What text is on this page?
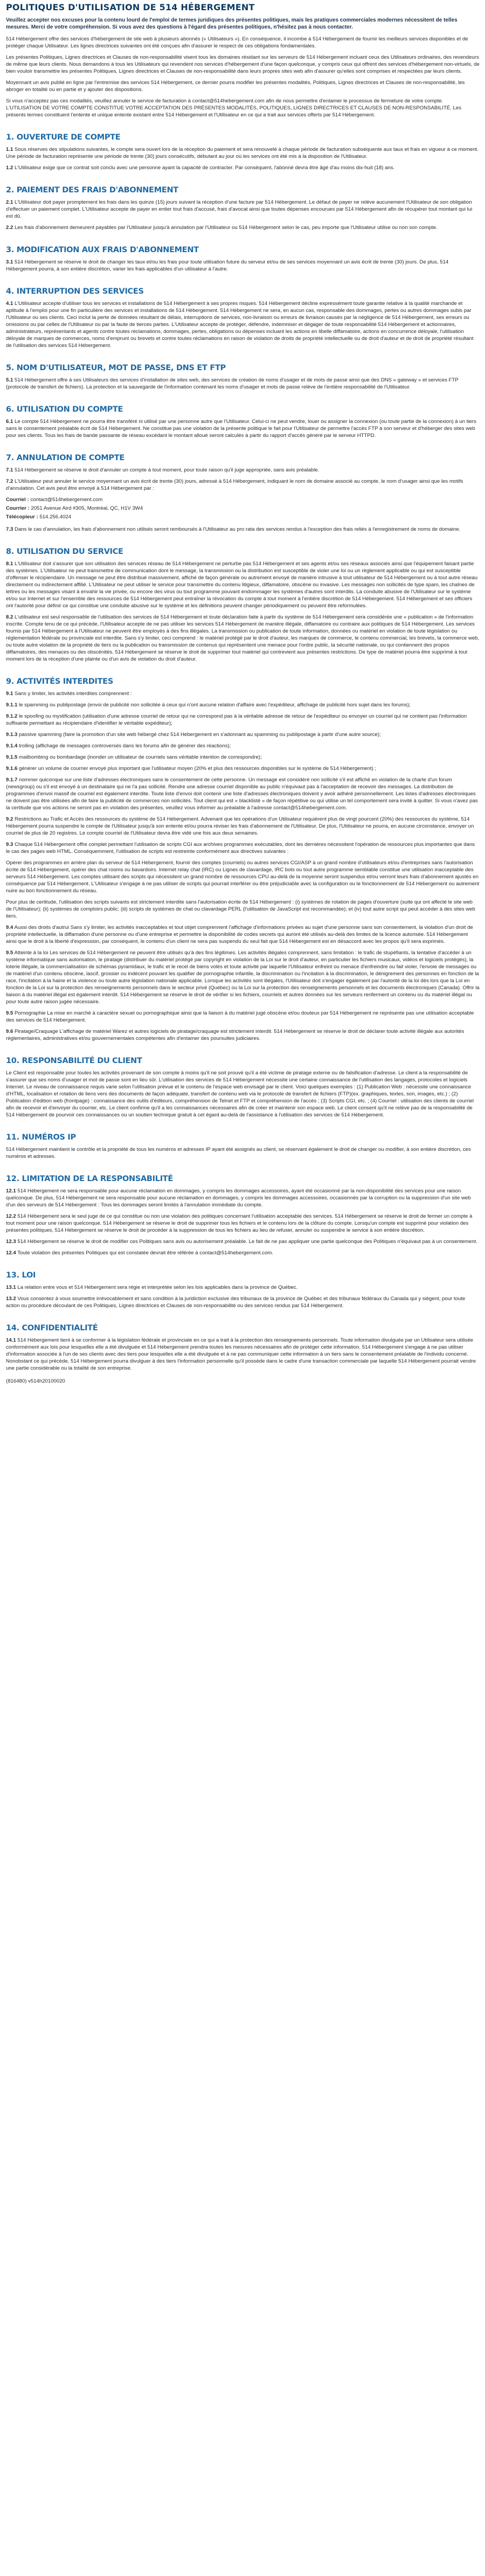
POLITIQUES D'UTILISATION DE 514 HÉBERGEMENT

Veuillez accepter nos excuses pour la contenu lourd de l'emploi de termes juridiques des présentes politiques, mais les pratiques commerciales modernes nécessitent de telles mesures. Merci de votre compréhension. Si vous avez des questions à l'égard des présentes politiques, n'hésitez pas à nous contacter.

514 Hébergement offre des services d'hébergement de site web à plusieurs abonnés (« Utilisateurs »). En conséquence, il incombe à 514 Hébergement de fournir les meilleurs services disponibles et de protéger chaque Utilisateur. Les lignes directrices suivantes ont été conçues afin d'assurer le respect de ces obligations fondamentales.

Les présentes Politiques, Lignes directrices et Clauses de non-responsabilité visent tous les domaines résidant sur les serveurs de 514 Hébergement incluant ceux des Utilisateurs ordinaires, des revendeurs de même que leurs clients. Nous demandons à tous les Utilisateurs qui revendent nos services d'hébergement d'une façon quelconque, y compris ceux qui offrent des services d'hébergement non-virtuels, de bien vouloir transmettre les présentes Politiques, Lignes directrices et Clauses de non-responsabilité dans leurs propres sites web afin d'assurer qu'elles sont comprises et respectées par leurs clients.

Moyennant un avis publié en ligne par l'entremise des services 514 Hébergement, ce dernier pourra modifier les présentes modalités, Politiques, Lignes directrices et Clauses de non-responsabilité, les abroger en totalité ou en partie et y ajouter des dispositions.

Si vous n'acceptez pas ces modalités, veuillez annuler le service de facturation à contact@514hebergement.com afin de nous permettre d'entamer le processus de fermeture de votre compte. L'UTILISATION DE VOTRE COMPTE CONSTITUE VOTRE ACCEPTATION DES PRÉSENTES MODALITÉS, POLITIQUES, LIGNES DIRECTRICES ET CLAUSES DE NON-RESPONSABILITÉ. Les présents termes constituent l'entente et unique entente existant entre 514 Hébergement et l'Utilisateur en ce qui a trait aux services offerts par 514 Hébergement.

1. OUVERTURE DE COMPTE

1.1 Sous réserves des stipulations suivantes, le compte sera ouvert lors de la réception du paiement et sera renouvelé à chaque période de facturation subséquente aux taux et frais en vigueur à ce moment. Une période de facturation représente une période de trente (30) jours consécutifs, débutant au jour où les services ont été mis à la disposition de l'Utilisateur.

1.2 L'Utilisateur exige que ce contrat soit conclu avec une personne ayant la capacité de contracter. Par conséquent, l'abonné devra être âgé d'au moins dix-huit (18) ans.

2. PAIEMENT DES FRAIS D'ABONNEMENT

2.1 L'Utilisateur doit payer promptement les frais dans les quinze (15) jours suivant la réception d'une facture par 514 Hébergement. Le défaut de payer ne relève aucunement l'Utilisateur de son obligation d'effectuer un paiement complet. L'Utilisateur accepte de payer en entier tout frais d'accusé, frais d'avocat ainsi que toutes dépenses encourues par 514 Hébergement afin de récupérer tout montant qui lui est dû.

2.2 Les frais d'abonnement demeurent payables par l'Utilisateur jusqu'à annulation par l'Utilisateur ou 514 Hébergement selon le cas, peu importe que l'Utilisateur utilise ou non son compte.

3. MODIFICATION AUX FRAIS D'ABONNEMENT

3.1 514 Hébergement se réserve le droit de changer les taux et/ou les frais pour toute utilisation future du serveur et/ou de ses services moyennant un avis écrit de trente (30) jours. De plus, 514 Hébergement pourra, à son entière discrétion, varier les frais applicables d'un utilisateur à l'autre.

4. INTERRUPTION DES SERVICES

4.1 L'Utilisateur accepte d'utiliser tous les services et installations de 514 Hébergement à ses propres risques. 514 Hébergement décline expressément toute garantie relative à la qualité marchande et aptitude à l'emploi pour une fin particulière des services et installations de 514 Hébergement. 514 Hébergement ne sera, en aucun cas, responsable des dommages, pertes ou autres dommages subis par l'Utilisateur ou ses clients. Ceci inclut la perte de données résultant de délais, interruptions de services, non-livraison ou erreurs de livraison causés par la négligence de 514 Hébergement, ses erreurs ou omissions ou par celles de l'Utilisateur ou par la faute de tierces parties. L'Utilisateur accepte de protéger, défendre, indemniser et dégager de toute responsabilité 514 Hébergement et actionnaires, administrateurs, représentants et agents contre toutes réclamations, dommages, pertes, obligations ou dépenses incluant les actions en libelle diffamatoire, actions en concurrence déloyale, l'utilisation déloyale de marques de commerces, noms d'emprunt ou brevets et contre toutes réclamations en raison de violation de droits de propriété intellectuelle ou de droit d'auteur et de droit de propriété résultant de l'utilisation des services 514 Hébergement.

5. NOM D'UTILISATEUR, MOT DE PASSE, DNS ET FTP

5.1 514 Hébergement offre à ses Utilisateurs des services d'installation de sites web, des services de création de noms d'usager et de mots de passe ainsi que des DNS « gateway » et services FTP (protocole de transfert de fichiers). La protection et la sauvegarde de l'information contenant les noms d'usager et mots de passe relève de l'entière responsabilité de l'Utilisateur.

6. UTILISATION DU COMPTE

6.1 Le compte 514 Hébergement ne pourra être transféré ni utilisé par une personne autre que l'Utilisateur. Celui-ci ne peut vendre, louer ou assigner la connexion (ou toute partie de la connexion) à un tiers sans le consentement préalable écrit de 514 Hébergement. Ne constitue pas une violation de la présente politique le fait pour l'Utilisateur de permettre l'accès FTP à son serveur et d'héberger des sites web pour ses clients. Tous les frais de bande passante de réseau excédant le montant alloué seront calculés à partir du rapport d'accès généré par le serveur HTTPD.

7. ANNULATION DE COMPTE

7.1 514 Hébergement se réserve le droit d'annuler un compte à tout moment, pour toute raison qu'il juge appropriée, sans avis préalable.

7.2 L'Utilisateur peut annuler le service moyennant un avis écrit de trente (30) jours, adressé à 514 Hébergement, indiquant le nom de domaine associé au compte, le nom d'usager ainsi que les motifs d'annulation. Cet avis peut être envoyé à 514 Hébergement par :

Courriel : contact@514hebergement.com

Courrier : 2051 Avenue Aird #305, Montréal, QC, H1V 3W4

Télécopieur : 514.256.4024

7.3 Dans le cas d'annulation, les frais d'abonnement non utilisés seront remboursés à l'Utilisateur au pro rata des services rendus à l'exception des frais reliés à l'enregistrement de noms de domaine.

8. UTILISATION DU SERVICE

8.1 L'Utilisateur doit s'assurer que son utilisation des services réseau de 514 Hébergement ne perturbe pas 514 Hébergement et ses agents et/ou ses réseaux associés ainsi que l'équipement faisant partie des systèmes. L'Utilisateur ne peut transmettre de communication dont le message, la transmission ou la distribution est susceptible de violer une loi ou un règlement applicable ou qui est susceptible d'offenser le récipiendaire. Un message ne peut être distribué massivement, affiché de façon générale ou autrement envoyé de manière intrusive à tout utilisateur de 514 Hébergement ou à tout autre réseau directement ou indirectement affilié. L'Utilisateur ne peut utiliser le service pour transmettre du contenu litigieux, diffamatoire, obscène ou invasive. Les messages non sollicités de type spam, les chaînes de lettres ou les messages visant à envahir la vie privée, ou encore des virus ou tout programme pouvant endommager les systèmes d'autres sont interdits. La conduite abusive de l'Utilisateur sur le système et/ou sur Internet et sur l'ensemble des ressources de 514 Hébergement peut entraîner la révocation du compte à tout moment à l'entière discrétion de 514 Hébergement. 514 Hébergement et ses officiers ont l'autorité pour définir ce qui constitue une conduite abusive sur le système et les définitions peuvent changer périodiquement ou peuvent être reformulées.

8.2 L'utilisateur est seul responsable de l'utilisation des services de 514 Hébergement et toute déclaration faite à partir du système de 514 Hébergement sera considérée une « publication » de l'information inscrite. Compte tenu de ce qui précède, l'Utilisateur accepte de ne pas utiliser les services 514 Hébergement de manière illégale, diffamatoire ou contraire aux politiques de 514 Hébergement. Les services fournis par 514 Hébergement à l'Utilisateur ne peuvent être employés à des fins illégales. La transmission ou publication de toute information, données ou matériel en violation de toute législation ou réglementation fédérale ou provinciale est interdite. Sans s'y limiter, ceci comprend : le matériel protégé par le droit d'auteur, les marques de commerce, le contenu commercial, les brevets, la commerce web, ou toute autre violation de la propriété de tiers ou la publication ou transmission de contenus qui représentent une menace pour l'ordre public, la sécurité nationale, ou qui contiennent des propos diffamatoires, des menaces ou des obscénités. 514 Hébergement se réserve le droit de supprimer tout matériel qui contrevient aux présentes restrictions. De type de matériel pourra être supprimé à tout moment lors de la réception d'une plainte ou d'un avis de violation du droit d'auteur.

9. ACTIVITÉS INTERDITES

9.1 Sans y limiter, les activités interdites comprennent :

9.1.1 le spamming ou publipostage (envoi de publicité non sollicitée à ceux qui n'ont aucune relation d'affaire avec l'expéditeur, affichage de publicité hors sujet dans les forums);

9.1.2 le spoofing ou mystification (utilisation d'une adresse courriel de retour qui ne correspond pas à la véritable adresse de retour de l'expéditeur ou envoyer un courriel qui ne contient pas l'information suffisante permettant au récipiendaire d'identifier le véritable expéditeur);

9.1.3 passive spamming (faire la promotion d'un site web hébergé chez 514 Hébergement en s'adonnant au spamming ou publipostage à partir d'une autre source);

9.1.4 trolling (affichage de messages controversés dans les forums afin de générer des réactions);

9.1.5 mailbombing ou bombardage (inonder un utilisateur de courriels sans véritable intention de correspondre);

9.1.6 générer un volume de courrier envoyé plus important que l'utilisateur moyen (20% et plus des ressources disponibles sur le système de 514 Hébergement) ;

9.1.7 nommer quiconque sur une liste d'adresses électroniques sans le consentement de cette personne. Un message est considéré non sollicité s'il est affiché en violation de la charte d'un forum (newsgroup) ou s'il est envoyé à un destinataire qui ne l'a pas sollicité. Rendre une adresse courriel disponible au public n'équivaut pas à l'acceptation de recevoir des messages. La distribution de programmes d'envoi massif de courriel est également interdite. Toute liste d'envoi doit contenir une liste d'adresses électroniques doivent y avoir adhéré personnellement. Les listes d'adresses électroniques ne doivent pas être utilisées afin de faire la publicité de commerces non sollicités. Tout client qui est « blacklisté » de façon répétitive ou qui utilise un tel comportement sera invité à quitter. Si vous n'avez pas la certitude que vos actions ne seront pas en violation des présentes, veuillez vous informer au préalable à l'adresse contact@514hebergement.com.

9.2 Restrictions au Trafic et Accès des ressources du système de 514 Hébergement. Advenant que les opérations d'un Utilisateur requièrent plus de vingt pourcent (20%) des ressources du système, 514 Hébergement pourra suspendre le compte de l'Utilisateur jusqu'à son entente et/ou pourra réviser les frais d'abonnement de l'Utilisateur. De plus, l'Utilisateur ne pourra, en aucune circonstance, envoyer un courriel de plus de 20 registres. Le compte courriel de l'Utilisateur devra être vidé une fois aux deux semaines.

9.3 Chaque 514 Hébergement offre complet permettant l'utilisation de scripts CGI aux archives programmes exécutables, dont les dernières nécessitent l'opération de ressources plus importantes que dans le cas des pages web HTML. Conséquemment, l'utilisation de scripts est restreinte conformément aux directives suivantes :

Opérer des programmes en arrière plan du serveur de 514 Hébergement, fournir des comptes (courriels) ou autres services CGI/ASP à un grand nombre d'utilisateurs et/ou d'entreprises sans l'autorisation écrite de 514 Hébergement, opérer des chat rooms ou bavardoirs. Internet relay chat (IRC) ou Lignes de clavardage, IRC bots ou tout autre programme semblable constitue une utilisation inacceptable des serveurs 514 Hébergement. Les comptes utilisant des scripts qui nécessitent un grand nombre de ressources CPU au-delà de la moyenne seront suspendus et/ou verront leurs frais d'abonnement ajustés en conséquence par 514 Hébergement. L'Utilisateur s'engage à ne pas utiliser de scripts qui pourrait interférer ou être préjudiciable avec la configuration ou le fonctionnement de 514 Hébergement ou autrement nuire au bon fonctionnement du réseau.

Pour plus de certitude, l'utilisation des scripts suivants est strictement interdite sans l'autorisation écrite de 514 Hébergement : (i) systèmes de rotation de pages d'ouverture (suite qui ont affecté le site web de l'Utilisateur); (ii) systèmes de comptoirs public; (iii) scripts de systèmes de chat ou clavardage PERL (l'utilisation de JavaScript est recommandée); et (iv) tout autre script qui peut accéder à des sites web tiers.

9.4 Aussi des droits d'autrui Sans s'y limiter, les activités inacceptables et tout objet comprennent l'affichage d'informations privées au sujet d'une personne sans son consentement, la violation d'un droit de propriété intellectuelle, la diffamation d'une personne ou d'une entreprise et permettre la disponibilité de codes secrets qui auront été utilisés au-delà des limites de la licence autorisée. 514 Hébergement ainsi que le droit à la liberté d'expression, par conséquent, le contenu d'un client ne sera pas suspendu du seul fait que 514 Hébergement est en désaccord avec les propos qu'il sera exprimés.

9.5 Atteinte à la loi Les services de 514 Hébergement ne peuvent être utilisés qu'à des fins légitimes. Les activités illégales comprennent, sans limitation : le trafic de stupéfiants, la tentative d'accéder à un système informatique sans autorisation, le piratage (distribuer du matériel protégé par copyright en violation de la Loi sur le droit d'auteur, en particulier les fichiers musicaux, vidéos et logiciels protégés), la loterie illégale, la commercialisation de schémas pyramidaux, le trafic et le recel de biens volés et toute activité par laquelle l'Utilisateur enfreint ou menace d'enfreindre ou fait violer, l'envoie de messages ou de matériel d'un contenu obscène, lascif, grossier ou indécent pouvant les qualifier de pornographie infantile, la discrimination ou l'incitation à la discrimination, le dénigrement des personnes en fonction de la race, l'incitation à la haine et la violence ou toute autre législation nationale applicable. Lorsque les activités sont illégales, l'Utilisateur doit s'engager également par l'autorité de la loi dès lors que la Loi en fonction de la Loi sur la protection des renseignements personnels dans le secteur privé (Québec) ou la Loi sur la protection des renseignements personnels et les documents électroniques (Canada). Offrir la liaison à du matériel illégal est également interdit. 514 Hébergement se réserve le droit de vérifier si les fichiers, courriels et autres données sur les serveurs renferment un contenu ou du matériel illégal ou pour toute autre raison jugée nécessaire.

9.5 Pornographie La mise en marché à caractère sexuel ou pornographique ainsi que la liaison à du matériel jugé obscène et/ou douteux par 514 Hébergement ne représente pas une utilisation acceptable des services de 514 Hébergement.

9.6 Piratage/Craquage L'affichage de matériel Warez et autres logiciels de piratage/craquage est strictement interdit. 514 Hébergement se réserve le droit de déclarer toute activité illégale aux autorités réglementaires, administratives et/ou gouvernementales compétentes afin d'entamer des poursuites judiciaires.

10. RESPONSABILITÉ DU CLIENT

Le Client est responsable pour toutes les activités provenant de son compte à moins qu'il ne soit prouvé qu'il a été victime de piratage externe ou de falsification d'adresse. Le client a la responsabilité de s'assurer que ses noms d'usager et mot de passe sont en lieu sûr. L'utilisation des services de 514 Hébergement nécessite une certaine connaissance de l'utilisation des langages, protocoles et logiciels Internet. Le niveau de connaissance requis varie selon l'utilisation prévue et le contenu de l'espace web envisagé par le client. Voici quelques exemples : (1) Publication Web : nécessite une connaissance d'HTML, localisation et rotation de liens vers des documents de façon adéquate, transfert de contenu web via le protocole de transfert de fichiers (FTP)(ex. graphiques, textes, son, images, etc.) ; (2) Publication d'édition web (frontpage) : connaissance des outils d'éditeurs, compréhension de Telnet et FTP et compréhension de l'accès ; (3) Scripts CGI, etc. ; (4) Courriel : utilisation des clients de courriel afin de recevoir et d'envoyer du courrier, etc. Le client confirme qu'il a les connaissances nécessaires afin de créer et maintenir son espace web. Le client consent qu'il ne relève pas de la responsabilité de 514 Hébergement de pourvoir ces connaissances ou un soutien technique gratuit à cet égard au-delà de l'assistance à l'utilisation des services de 514 Hébergement.

11. NUMÉROS IP

514 Hébergement maintient le contrôle et la propriété de tous les numéros et adresses IP ayant été assignés au client, se réservant également le droit de changer ou modifier, à son entière discrétion, ces numéros et adresses.

12. LIMITATION DE LA RESPONSABILITÉ

12.1 514 Hébergement ne sera responsable pour aucune réclamation en dommages, y compris les dommages accessoires, ayant été occasionné par la non-disponibilité des services pour une raison quelconque. De plus, 514 Hébergement ne sera responsable pour aucune réclamation en dommages, y compris les dommages accessoires, occasionnés par la corruption ou la suppression d'un site web d'un des serveurs de 514 Hébergement : Tous les dommages seront limités à l'annulation immédiate du compte.

12.2 514 Hébergement sera le seul juge de ce qui constitue ou non une violation des politiques concernant l'utilisation acceptable des services. 514 Hébergement se réserve le droit de fermer un compte à tout moment pour une raison quelconque. 514 Hébergement se réserve le droit de supprimer tous les fichiers et le contenu lors de la clôture du compte. Lorsqu'un compte est supprimé pour violation des présentes politiques, 514 Hébergement se réserve le droit de procéder à la suppression de tous les fichiers au lieu de refuser, annuler ou suspendre le service à son entière discrétion.

12.3 514 Hébergement se réserve le droit de modifier ces Politiques sans avis ou autorisement préalable. Le fait de ne pas appliquer une partie quelconque des Politiques n'équivaut pas à un consentement.

12.4 Toute violation des présentes Politiques qui est constatée devrait être référée à contact@514hebergement.com.

13. LOI

13.1 La relation entre vous et 514 Hébergement sera régie et interprétée selon les lois applicables dans la province de Québec.

13.2 Vous consentez à vous soumettre irrévocablement et sans condition à la juridiction exclusive des tribunaux de la province de Québec et des tribunaux fédéraux du Canada qui y siègent, pour toute action ou procédure découlant de ces Politiques, Lignes directrices et Clauses de non-responsabilité ou des services rendus par 514 Hébergement.

14. CONFIDENTIALITÉ

14.1 514 Hébergement tient à se conformer à la législation fédérale et provinciale en ce qui a trait à la protection des renseignements personnels. Toute information divulguée par un Utilisateur sera utilisée conformément aux lois pour lesquelles elle a été divulguée et 514 Hébergement prendra toutes les mesures nécessaires afin de protéger cette information. 514 Hébergement s'engage à ne pas utiliser d'information associée à l'un de ses clients avec des tiers pour lesquelles elle a été divulguée et à ne pas communiquer cette information à un tiers sans le consentement préalable de l'individu concerné. Nonobstant ce qui précède, 514 Hébergement pourra divulguer à des tiers l'information personnelle qu'il possède dans le cadre d'une transaction commerciale par laquelle 514 Hébergement pourrait vendre une partie considérable ou la totalité de son entreprise.

(816480) v514h20100020
